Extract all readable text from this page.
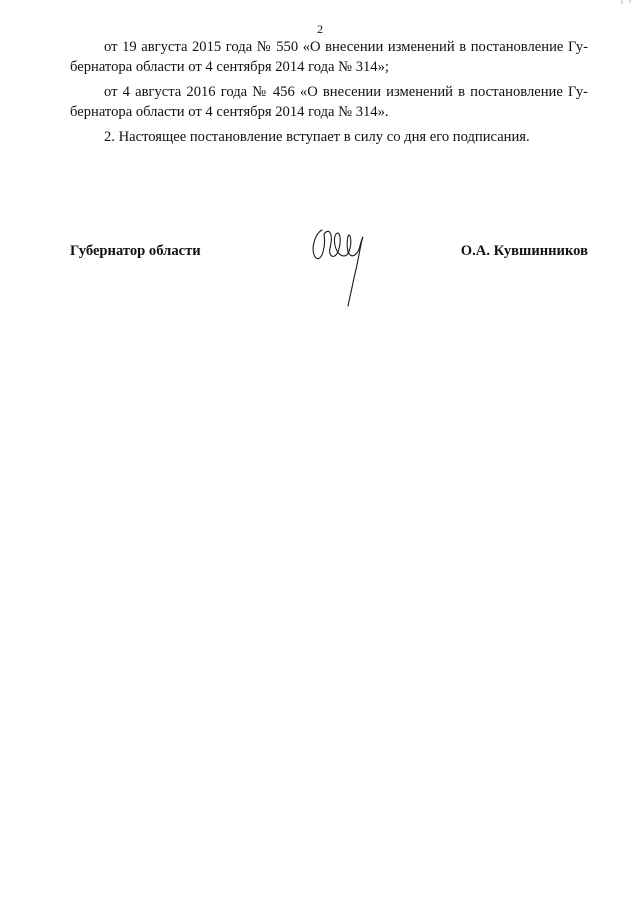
2

от 19 августа 2015 года № 550 «О внесении изменений в постановление Гу-
бернатора области от 4 сентября 2014 года № 314»;

от 4 августа 2016 года № 456 «О внесении изменений в постановление Гу-
бернатора области от 4 сентября 2014 года № 314».

2. Настоящее постановление вступает в силу со дня его подписания.

Губернатор области	О.А. Кувшинников
